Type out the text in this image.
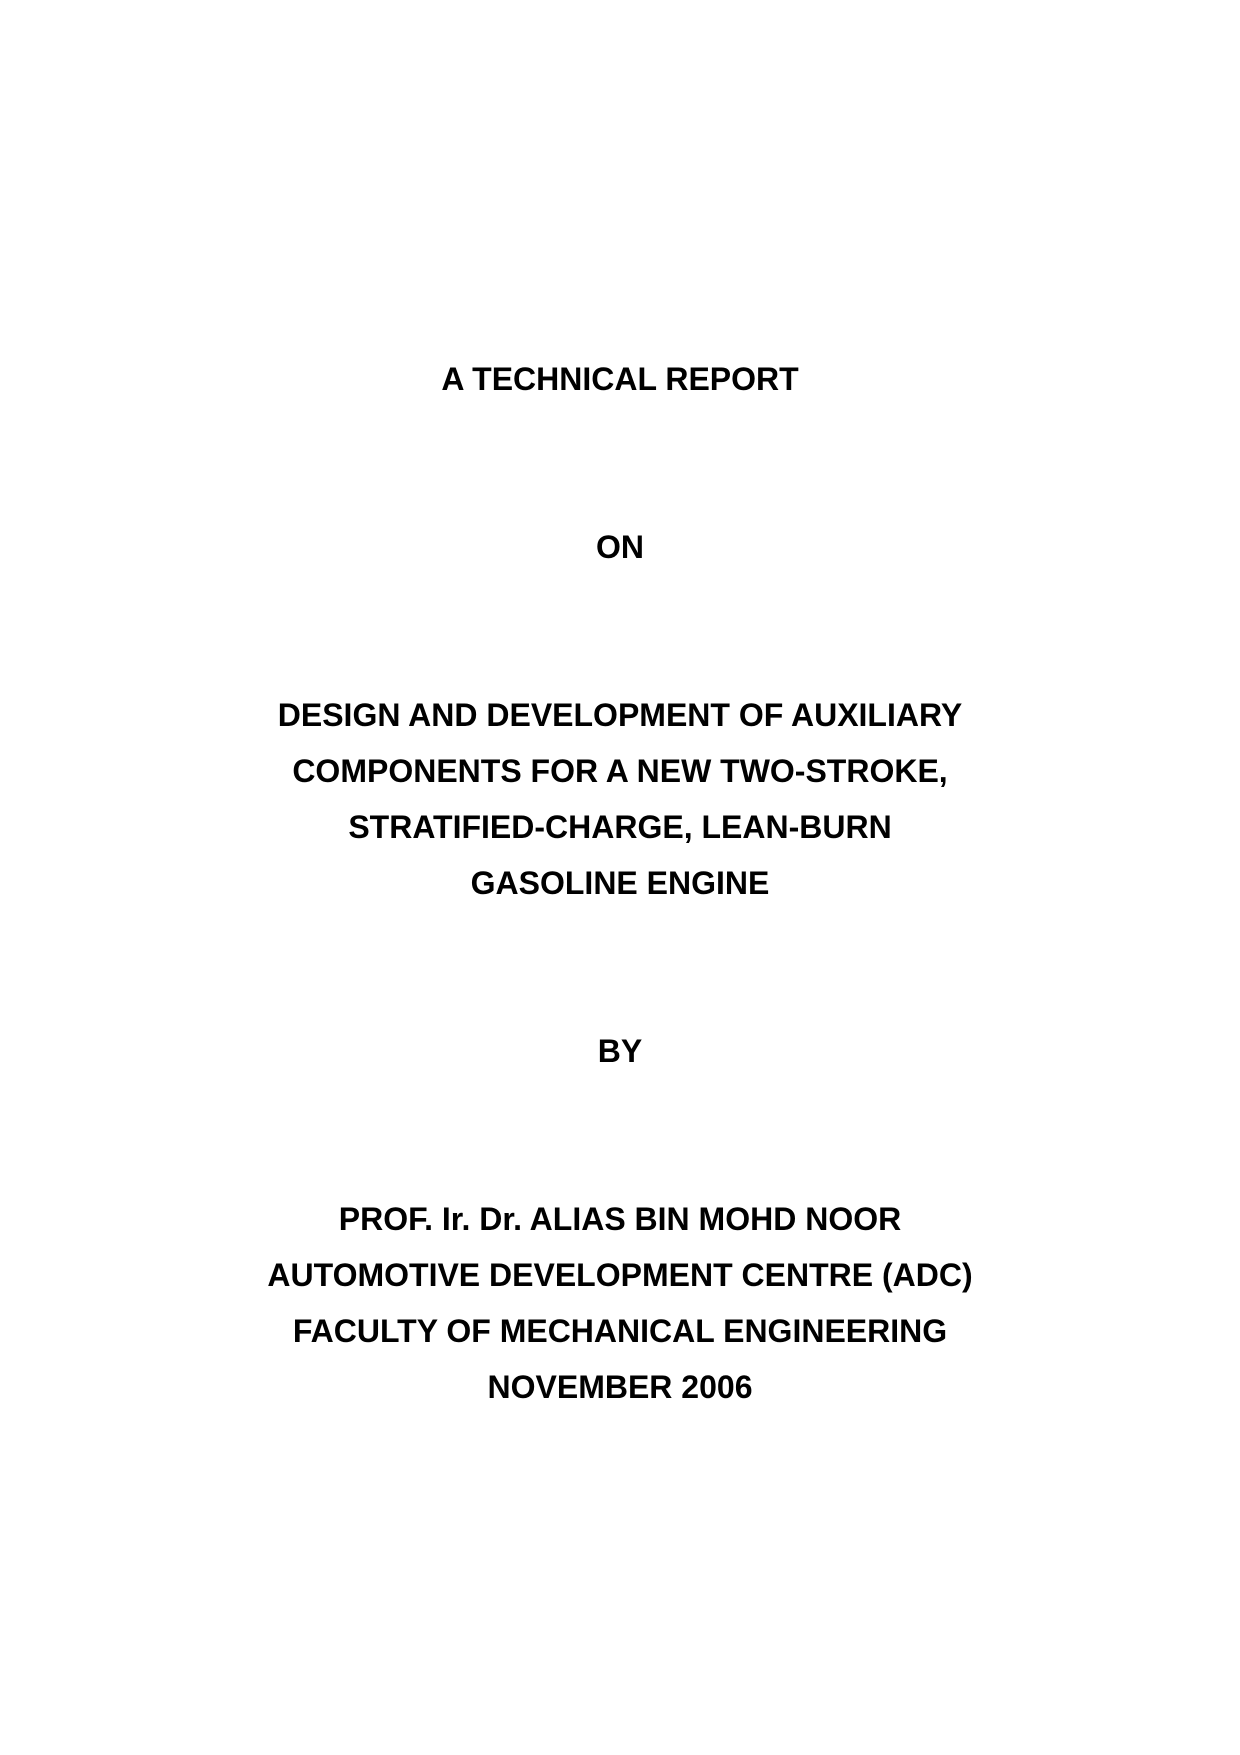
A TECHNICAL REPORT
ON
DESIGN AND DEVELOPMENT OF AUXILIARY
COMPONENTS FOR A NEW TWO-STROKE,
STRATIFIED-CHARGE, LEAN-BURN
GASOLINE ENGINE
BY
PROF. Ir. Dr. ALIAS BIN MOHD NOOR
AUTOMOTIVE DEVELOPMENT CENTRE (ADC)
FACULTY OF MECHANICAL ENGINEERING
NOVEMBER 2006
